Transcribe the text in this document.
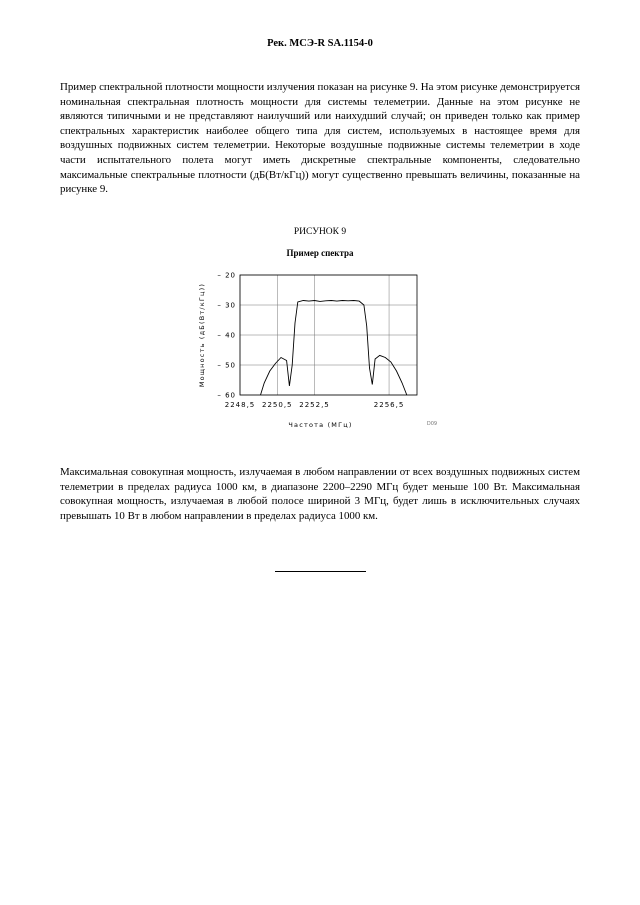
Рек. МСЭ-R SA.1154-0

Пример спектральной плотности мощности излучения показан на рисунке 9. На этом рисунке демонстрируется номинальная спектральная плотность мощности для системы телеметрии. Данные на этом рисунке не являются типичными и не представляют наилучший или наихудший случай; он приведен только как пример спектральных характеристик наиболее общего типа для систем, используемых в настоящее время для воздушных подвижных систем телеметрии. Некоторые воздушные подвижные системы телеметрии в ходе части испытательного полета могут иметь дискретные спектральные компоненты, следовательно максимальные спектральные плотности (дБ(Вт/кГц)) могут существенно превышать величины, показанные на рисунке 9.

РИСУНОК 9
Пример спектра
– 20
– 30
– 40
– 50
– 60
2248,5 2250,5 2252,5	2256,5
Мощность (дБ(Вт/кГц))
Частота (МГц)	D09

Максимальная совокупная мощность, излучаемая в любом направлении от всех воздушных подвижных систем телеметрии в пределах радиуса 1000 км, в диапазоне 2200–2290 МГц будет меньше 100 Вт. Максимальная совокупная мощность, излучаемая в любой полосе шириной 3 МГц, будет лишь в исключительных случаях превышать 10 Вт в любом направлении в пределах радиуса 1000 км.
